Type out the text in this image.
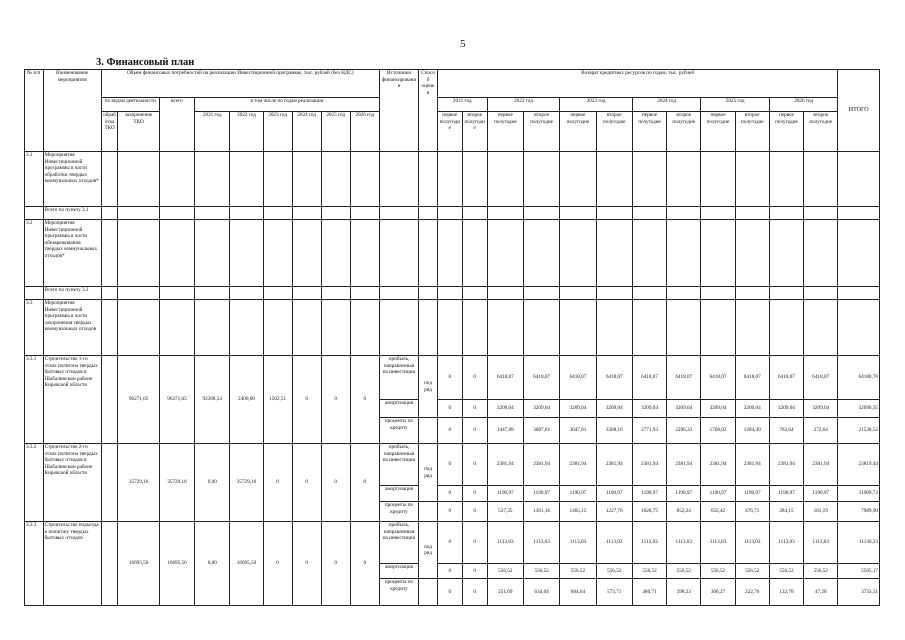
5
3. Финансовый план
№ п/п	Наименование мероприятия	Объем финансовых потребностей на реализацию Инвестиционной программы, тыс. рублей (без НДС)									Источники финансирования	Способ оценки	Возврат кредитных ресурсов по годам, тыс. рублей												ИТОГО
		по видам деятельности		всего	в том числе по годам реализации								2021 год		2022 год		2023 год		2024 год		2025 год		2026 год		
		обработка ТКО	захоронение ТКО		2021 год	2022 год	2023 год	2024 год	2025 год	2026 год			первое полугодие	второе полугодие	первое полугодие	второе полугодие	первое полугодие	второе полугодие	первое полугодие	второе полугодие	первое полугодие	второе полугодие	первое полугодие	второе полугодие	
3.1	Мероприятия Инвестиционной программы в части обработки твердых коммунальных отходов*																								
	Всего по пункту 3.1																								
3.2	Мероприятия Инвестиционной программы в части обезвреживания твердых коммунальных отходов*																								
	Всего по пункту 3.2																								
3.3	Мероприятия Инвестиционной программы в части захоронения твердых коммунальных отходов																								
3.3.1	Строительство 1-го этапа полигона твердых бытовых отходов в Шабалинском районе Кировской области		96271,05	96271,05	92368,54	2400,00	1502,51	0	0	0	прибыль, направленная на инвестиции	под ряд	0	0	6418,07	6418,07	6418,07	6418,07	6418,07	6418,07	6418,07	6418,07	6418,07	6418,07	64180,70
											амортизация		0	0	3209,04	3209,04	3209,04	3209,04	3209,04	3209,04	3209,04	3209,04	3209,04	3209,04	32090,35
											проценты по кредиту		0	0	1447,88	3687,61	3047,81	3308,16	2771,93	2296,33	1768,02	1284,49	763,64	272,64	21528,52
3.3.2	Строительство 2-го этапа полигона твердых бытовых отходов в Шабалинском районе Кировской области		35729,16	35729,16	0,00	35729,16	0	0	0	0	прибыль, направленная на инвестиции	под ряд	0	0	2381,94	2381,94	2381,94	2381,94	2381,94	2381,94	2381,94	2381,94	2381,94	2381,94	23819,44
											амортизация		0	0	1190,97	1190,97	1190,97	1190,97	1190,97	1190,97	1190,97	1190,97	1190,97	1190,97	11909,72
											проценты по кредиту		0	0	537,35	1361,16	1465,15	1227,76	1028,75	852,24	655,42	476,71	284,15	101,19	7989,90
3.3.3	Строительство подъезда к полигону твердых бытовых отходов		16695,50	16695,50	0,00	16695,50	0	0	0	0	прибыль, направленная на инвестиции	под ряд	0	0	1113,03	1113,03	1113,03	1113,03	1113,03	1113,03	1113,03	1113,03	1113,03	1113,03	11130,33
											амортизация		0	0	556,52	556,52	556,52	556,52	556,52	556,52	556,52	556,52	556,52	556,52	5565,17
											проценты по кредиту		0	0	251,09	634,04	684,64	573,71	480,71	398,23	306,27	222,76	132,78	47,28	3733,51
